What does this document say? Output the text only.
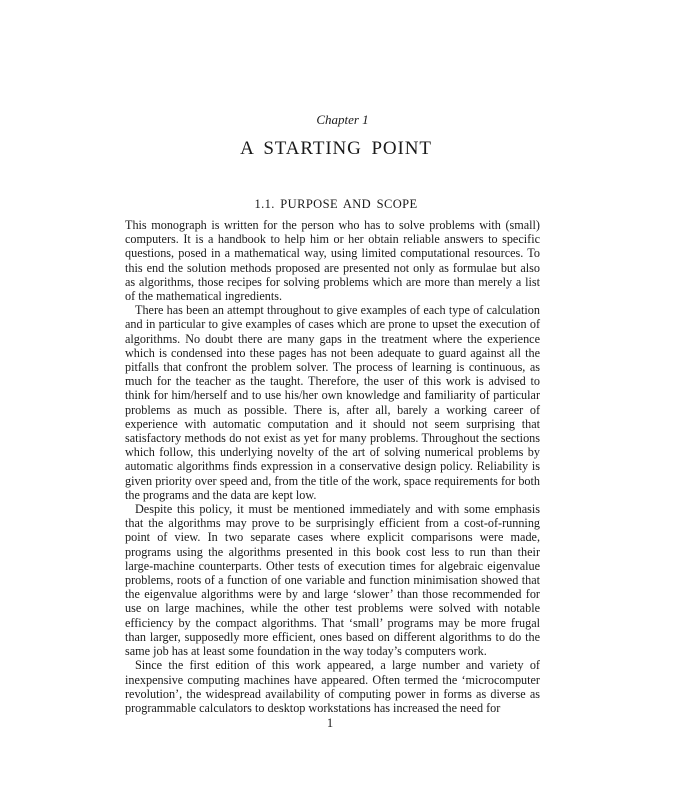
Chapter 1
A STARTING POINT
1.1. PURPOSE AND SCOPE

This monograph is written for the person who has to solve problems with (small) computers. It is a handbook to help him or her obtain reliable answers to specific questions, posed in a mathematical way, using limited computational resources. To this end the solution methods proposed are presented not only as formulae but also as algorithms, those recipes for solving problems which are more than merely a list of the mathematical ingredients.

There has been an attempt throughout to give examples of each type of calculation and in particular to give examples of cases which are prone to upset the execution of algorithms. No doubt there are many gaps in the treatment where the experience which is condensed into these pages has not been adequate to guard against all the pitfalls that confront the problem solver. The process of learning is continuous, as much for the teacher as the taught. Therefore, the user of this work is advised to think for him/herself and to use his/her own knowledge and familiarity of particular problems as much as possible. There is, after all, barely a working career of experience with automatic computation and it should not seem surprising that satisfactory methods do not exist as yet for many problems. Throughout the sections which follow, this underlying novelty of the art of solving numerical problems by automatic algorithms finds expression in a conservative design policy. Reliability is given priority over speed and, from the title of the work, space requirements for both the programs and the data are kept low.

Despite this policy, it must be mentioned immediately and with some emphasis that the algorithms may prove to be surprisingly efficient from a cost-of-running point of view. In two separate cases where explicit comparisons were made, programs using the algorithms presented in this book cost less to run than their large-machine counterparts. Other tests of execution times for algebraic eigenvalue problems, roots of a function of one variable and function minimisation showed that the eigenvalue algorithms were by and large ‘slower’ than those recommended for use on large machines, while the other test problems were solved with notable efficiency by the compact algorithms. That ‘small’ programs may be more frugal than larger, supposedly more efficient, ones based on different algorithms to do the same job has at least some foundation in the way today’s computers work.

Since the first edition of this work appeared, a large number and variety of inexpensive computing machines have appeared. Often termed the ‘microcomputer revolution’, the widespread availability of computing power in forms as diverse as programmable calculators to desktop workstations has increased the need for

1
